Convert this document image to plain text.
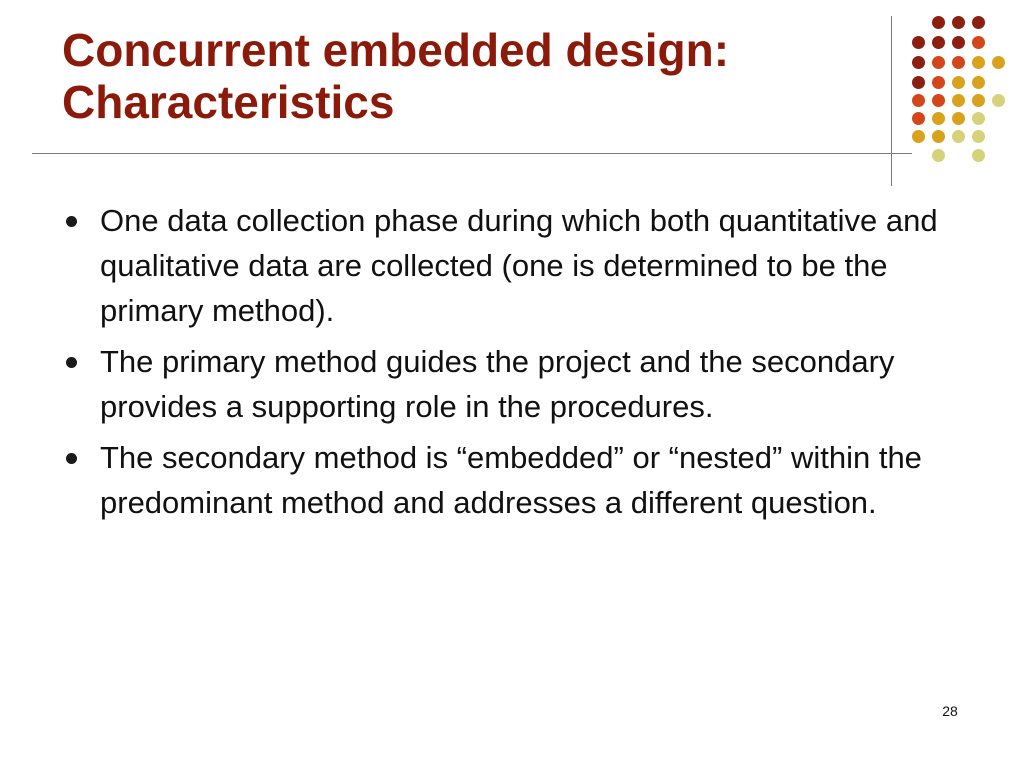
Concurrent embedded design:
Characteristics
One data collection phase during which both quantitative and qualitative data are collected (one is determined to be the primary method).
The primary method guides the project and the secondary provides a supporting role in the procedures.
The secondary method is “embedded” or “nested” within the predominant method and addresses a different question.
28
